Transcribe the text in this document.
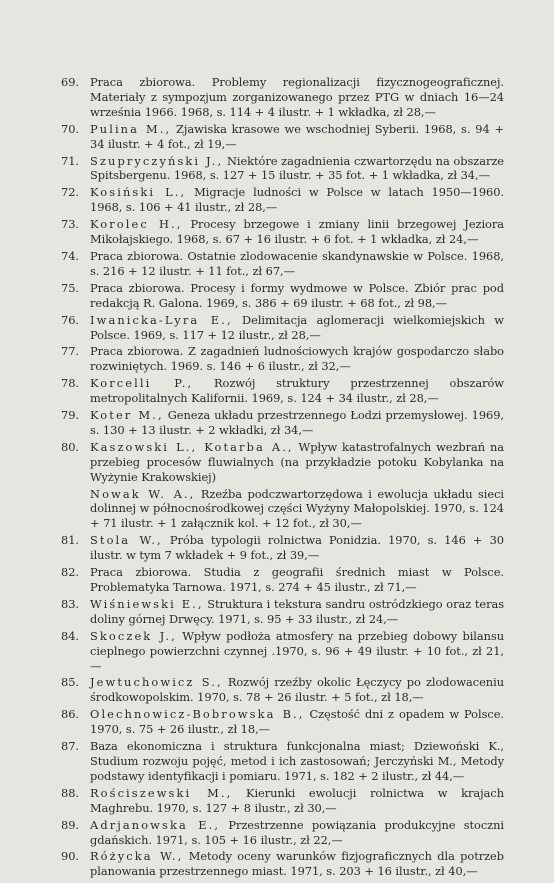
69. Praca zbiorowa. Problemy regionalizacji fizycznogeograficznej. Materiały z sympozjum zorganizowanego przez PTG w dniach 16—24 września 1966. 1968, s. 114 + 4 ilustr. + 1 wkładka, zł 28,—
70. Pulina M., Zjawiska krasowe we wschodniej Syberii. 1968, s. 94 + 34 ilustr. + 4 fot., zł 19,—
71. Szupryczyński J., Niektóre zagadnienia czwartorzędu na obszarze Spitsbergenu. 1968, s. 127 + 15 ilustr. + 35 fot. + 1 wkładka, zł 34,—
72. Kosiński L., Migracje ludności w Polsce w latach 1950—1960. 1968, s. 106 + 41 ilustr., zł 28,—
73. Korolec H., Procesy brzegowe i zmiany linii brzegowej Jeziora Mikołajskiego. 1968, s. 67 + 16 ilustr. + 6 fot. + 1 wkładka, zł 24,—
74. Praca zbiorowa. Ostatnie zlodowacenie skandynawskie w Polsce. 1968, s. 216 + 12 ilustr. + 11 fot., zł 67,—
75. Praca zbiorowa. Procesy i formy wydmowe w Polsce. Zbiór prac pod redakcją R. Galona. 1969, s. 386 + 69 ilustr. + 68 fot., zł 98,—
76. Iwanicka-Lyra E., Delimitacja aglomeracji wielkomiejskich w Polsce. 1969, s. 117 + 12 ilustr., zł 28,—
77. Praca zbiorowa. Z zagadnień ludnościowych krajów gospodarczo słabo rozwiniętych. 1969. s. 146 + 6 ilustr., zł 32,—
78. Korcelli P., Rozwój struktury przestrzennej obszarów metropolitalnych Kalifornii. 1969, s. 124 + 34 ilustr., zł 28,—
79. Koter M., Geneza układu przestrzennego Łodzi przemysłowej. 1969, s. 130 + 13 ilustr. + 2 wkładki, zł 34,—
80. Kaszowski L., Kotarba A., Wpływ katastrofalnych wezbrań na przebieg procesów fluwialnych (na przykładzie potoku Kobylanka na Wyżynie Krakowskiej)
Nowak W. A., Rzeźba podczwartorzędowa i ewolucja układu sieci dolinnej w północnośrodkowej części Wyżyny Małopolskiej. 1970, s. 124 + 71 ilustr. + 1 załącznik kol. + 12 fot., zł 30,—
81. Stola W., Próba typologii rolnictwa Ponidzia. 1970, s. 146 + 30 ilustr. w tym 7 wkładek + 9 fot., zł 39,—
82. Praca zbiorowa. Studia z geografii średnich miast w Polsce. Problematyka Tarnowa. 1971, s. 274 + 45 ilustr., zł 71,—
83. Wiśniewski E., Struktura i tekstura sandru ostródzkiego oraz teras doliny górnej Drwęcy. 1971, s. 95 + 33 ilustr., zł 24,—
84. Skoczek J., Wpływ podłoża atmosfery na przebieg dobowy bilansu cieplnego powierzchni czynnej .1970, s. 96 + 49 ilustr. + 10 fot., zł 21,—
85. Jewtuchowicz S., Rozwój rzeźby okolic Łęczycy po zlodowaceniu środkowopolskim. 1970, s. 78 + 26 ilustr. + 5 fot., zł 18,—
86. Olechnowicz-Bobrowska B., Częstość dni z opadem w Polsce. 1970, s. 75 + 26 ilustr., zł 18,—
87. Baza ekonomiczna i struktura funkcjonalna miast; Dziewoński K., Studium rozwoju pojęć, metod i ich zastosowań; Jerczyński M., Metody podstawy identyfikacji i pomiaru. 1971, s. 182 + 2 ilustr., zł 44,—
88. Rościszewski M., Kierunki ewolucji rolnictwa w krajach Maghrebu. 1970, s. 127 + 8 ilustr., zł 30,—
89. Adrjanowska E., Przestrzenne powiązania produkcyjne stoczni gdańskich. 1971, s. 105 + 16 ilustr., zł 22,—
90. Różycka W., Metody oceny warunków fizjograficznych dla potrzeb planowania przestrzennego miast. 1971, s. 203 + 16 ilustr., zł 40,—
